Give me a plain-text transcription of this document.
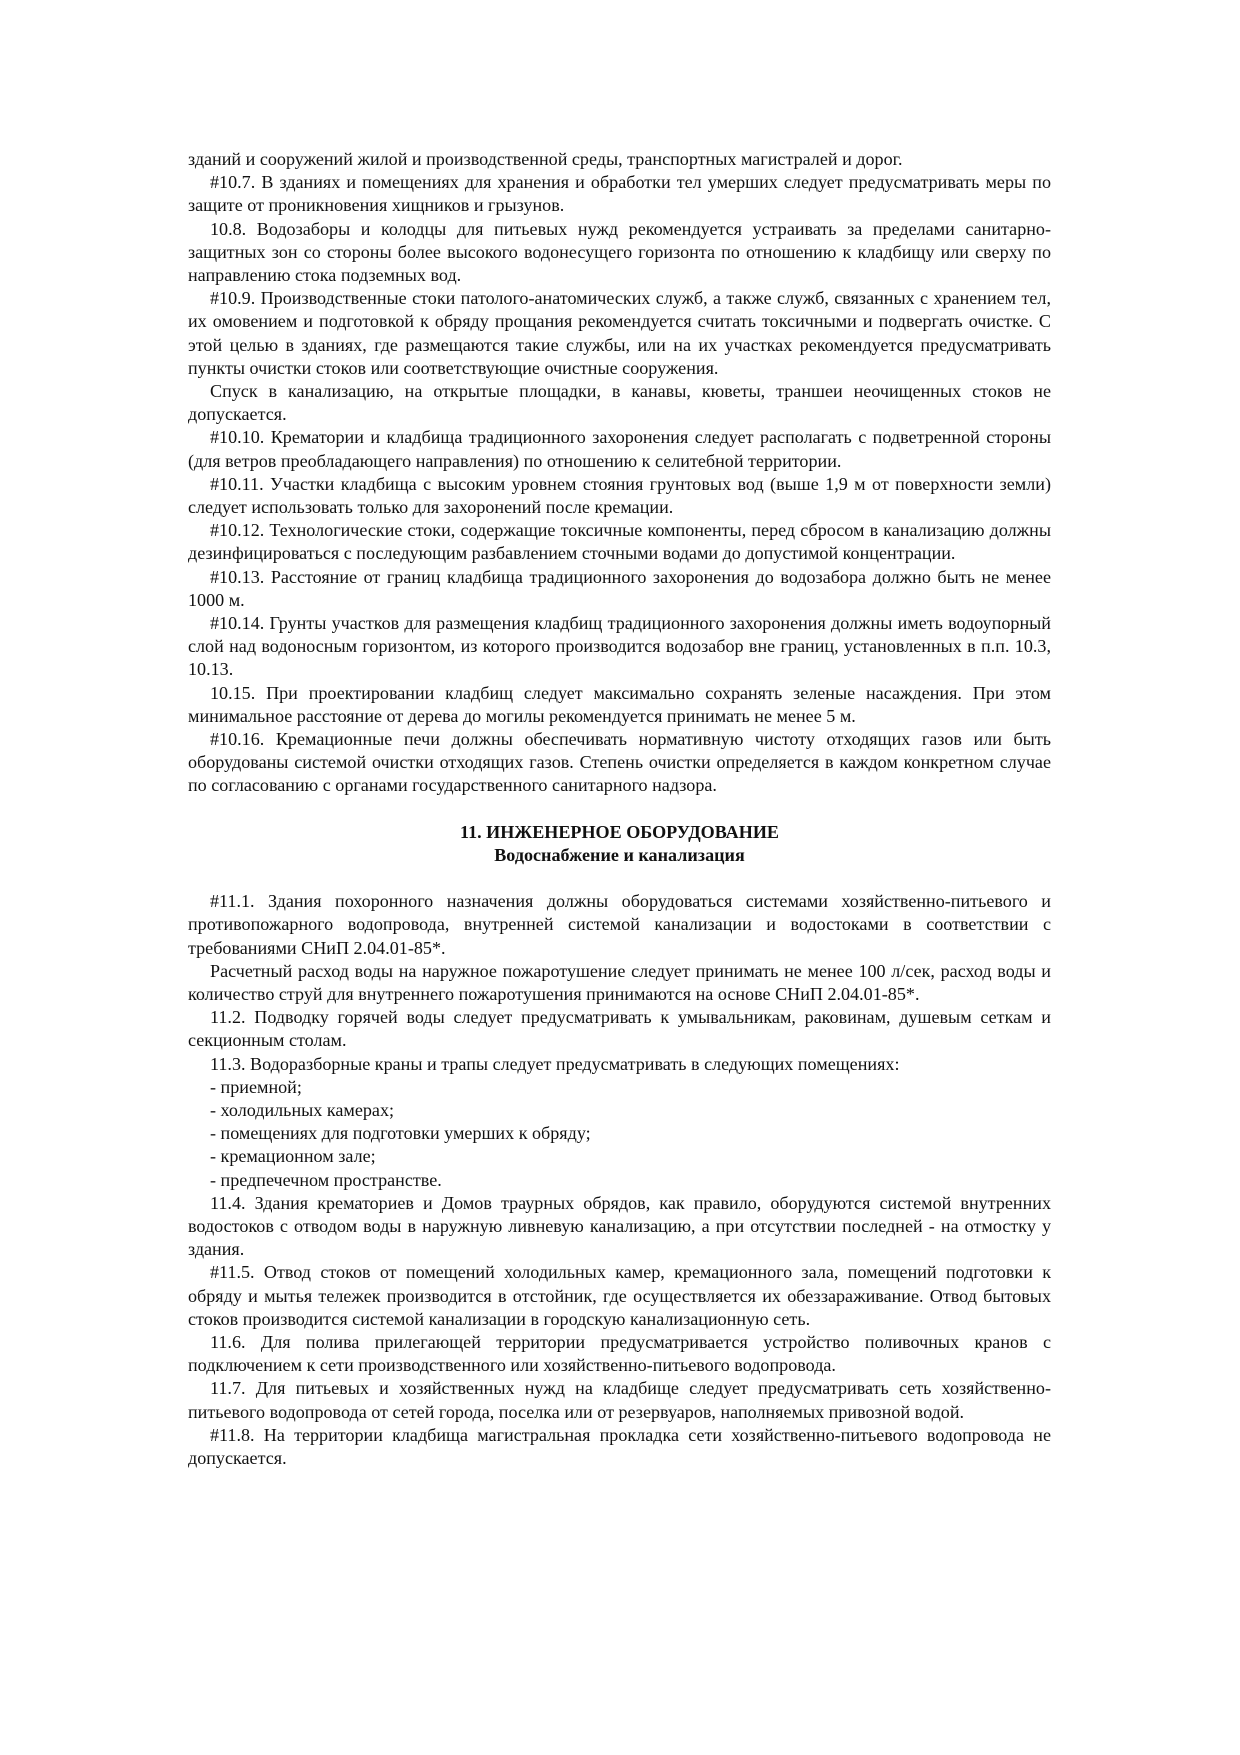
зданий и сооружений жилой и производственной среды, транспортных магистралей и дорог.

#10.7. В зданиях и помещениях для хранения и обработки тел умерших следует предусматривать меры по защите от проникновения хищников и грызунов.

10.8. Водозаборы и колодцы для питьевых нужд рекомендуется устраивать за пределами санитарно-защитных зон со стороны более высокого водонесущего горизонта по отношению к кладбищу или сверху по направлению стока подземных вод.

#10.9. Производственные стоки патолого-анатомических служб, а также служб, связанных с хранением тел, их омовением и подготовкой к обряду прощания рекомендуется считать токсичными и подвергать очистке. С этой целью в зданиях, где размещаются такие службы, или на их участках рекомендуется предусматривать пункты очистки стоков или соответствующие очистные сооружения.

Спуск в канализацию, на открытые площадки, в канавы, кюветы, траншеи неочищенных стоков не допускается.

#10.10. Крематории и кладбища традиционного захоронения следует располагать с подветренной стороны (для ветров преобладающего направления) по отношению к селитебной территории.

#10.11. Участки кладбища с высоким уровнем стояния грунтовых вод (выше 1,9 м от поверхности земли) следует использовать только для захоронений после кремации.

#10.12. Технологические стоки, содержащие токсичные компоненты, перед сбросом в канализацию должны дезинфицироваться с последующим разбавлением сточными водами до допустимой концентрации.

#10.13. Расстояние от границ кладбища традиционного захоронения до водозабора должно быть не менее 1000 м.

#10.14. Грунты участков для размещения кладбищ традиционного захоронения должны иметь водоупорный слой над водоносным горизонтом, из которого производится водозабор вне границ, установленных в п.п. 10.3, 10.13.

10.15. При проектировании кладбищ следует максимально сохранять зеленые насаждения. При этом минимальное расстояние от дерева до могилы рекомендуется принимать не менее 5 м.

#10.16. Кремационные печи должны обеспечивать нормативную чистоту отходящих газов или быть оборудованы системой очистки отходящих газов. Степень очистки определяется в каждом конкретном случае по согласованию с органами государственного санитарного надзора.

11. ИНЖЕНЕРНОЕ ОБОРУДОВАНИЕ

Водоснабжение и канализация

#11.1. Здания похоронного назначения должны оборудоваться системами хозяйственно-питьевого и противопожарного водопровода, внутренней системой канализации и водостоками в соответствии с требованиями СНиП 2.04.01-85*.

Расчетный расход воды на наружное пожаротушение следует принимать не менее 100 л/сек, расход воды и количество струй для внутреннего пожаротушения принимаются на основе СНиП 2.04.01-85*.

11.2. Подводку горячей воды следует предусматривать к умывальникам, раковинам, душевым сеткам и секционным столам.

11.3. Водоразборные краны и трапы следует предусматривать в следующих помещениях:

- приемной;

- холодильных камерах;

- помещениях для подготовки умерших к обряду;

- кремационном зале;

- предпечечном пространстве.

11.4. Здания крематориев и Домов траурных обрядов, как правило, оборудуются системой внутренних водостоков с отводом воды в наружную ливневую канализацию, а при отсутствии последней - на отмостку у здания.

#11.5. Отвод стоков от помещений холодильных камер, кремационного зала, помещений подготовки к обряду и мытья тележек производится в отстойник, где осуществляется их обеззараживание. Отвод бытовых стоков производится системой канализации в городскую канализационную сеть.

11.6. Для полива прилегающей территории предусматривается устройство поливочных кранов с подключением к сети производственного или хозяйственно-питьевого водопровода.

11.7. Для питьевых и хозяйственных нужд на кладбище следует предусматривать сеть хозяйственно-питьевого водопровода от сетей города, поселка или от резервуаров, наполняемых привозной водой.

#11.8. На территории кладбища магистральная прокладка сети хозяйственно-питьевого водопровода не допускается.
